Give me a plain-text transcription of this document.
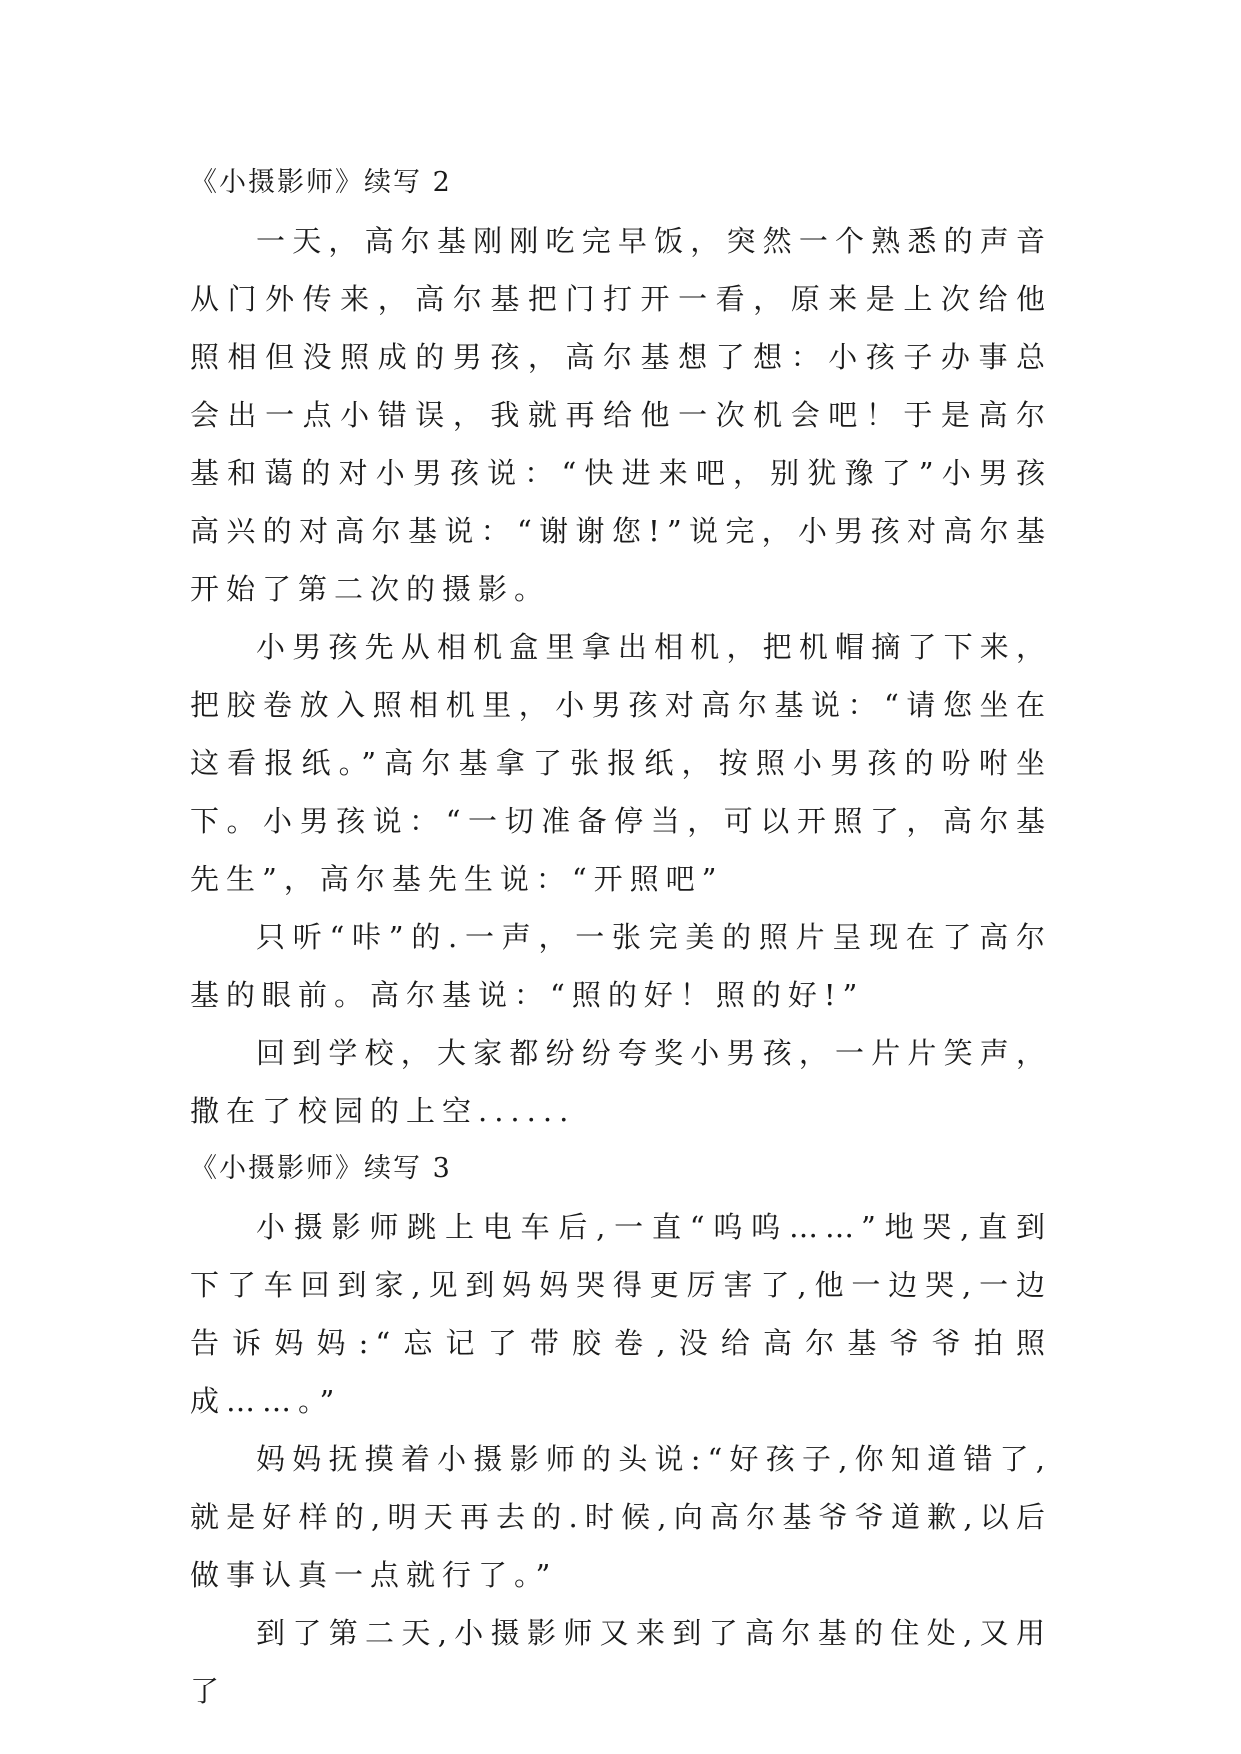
《小摄影师》续写 2

一天，高尔基刚刚吃完早饭，突然一个熟悉的声音从门外传来，高尔基把门打开一看，原来是上次给他照相但没照成的男孩，高尔基想了想：小孩子办事总会出一点小错误，我就再给他一次机会吧！于是高尔基和蔼的对小男孩说：“快进来吧，别犹豫了”小男孩高兴的对高尔基说：“谢谢您!”说完，小男孩对高尔基开始了第二次的摄影。

小男孩先从相机盒里拿出相机，把机帽摘了下来，把胶卷放入照相机里，小男孩对高尔基说：“请您坐在这看报纸。”高尔基拿了张报纸，按照小男孩的吩咐坐下。小男孩说：“一切准备停当，可以开照了，高尔基先生”，高尔基先生说：“开照吧”

只听“咔”的.一声，一张完美的照片呈现在了高尔基的眼前。高尔基说：“照的好！照的好!”

回到学校，大家都纷纷夸奖小男孩，一片片笑声，撒在了校园的上空......

《小摄影师》续写 3

小摄影师跳上电车后,一直“呜呜……”地哭,直到下了车回到家,见到妈妈哭得更厉害了,他一边哭,一边告诉妈妈:“忘记了带胶卷,没给高尔基爷爷拍照成……。”

妈妈抚摸着小摄影师的头说:“好孩子,你知道错了,就是好样的,明天再去的.时候,向高尔基爷爷道歉,以后做事认真一点就行了。”

到了第二天,小摄影师又来到了高尔基的住处,又用了
